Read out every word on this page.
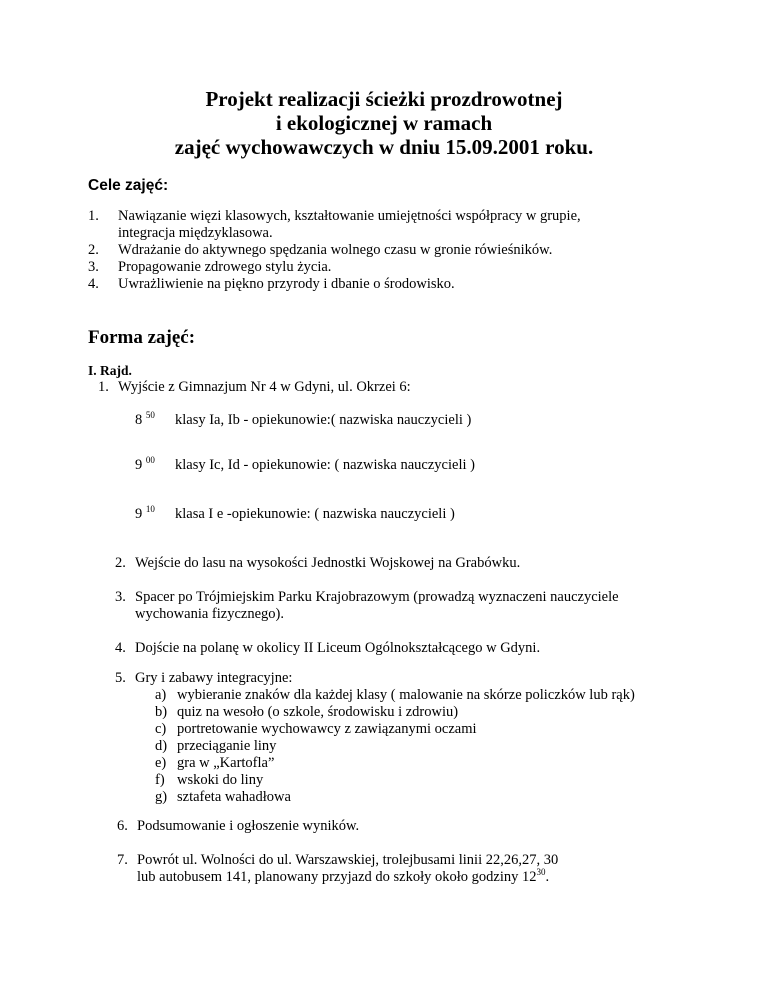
Projekt realizacji ścieżki prozdrowotnej
i ekologicznej w ramach
zajęć wychowawczych w dniu 15.09.2001 roku.
Cele zajęć:
1. Nawiązanie więzi klasowych, kształtowanie umiejętności współpracy w grupie,
integracja międzyklasowa.
2. Wdrażanie do aktywnego spędzania wolnego czasu w gronie rówieśników.
3. Propagowanie zdrowego stylu życia.
4. Uwrażliwienie na piękno przyrody i dbanie o środowisko.
Forma zajęć:
I. Rajd.
1. Wyjście z Gimnazjum Nr 4 w Gdyni, ul. Okrzei 6:
8 $^{50}$ klasy Ia, Ib - opiekunowie:( nazwiska nauczycieli )
9 $^{00}$ klasy Ic, Id - opiekunowie: ( nazwiska nauczycieli )
9 $^{10}$ klasa I e -opiekunowie: ( nazwiska nauczycieli )
2. Wejście do lasu na wysokości Jednostki Wojskowej na Grabówku.
3. Spacer po Trójmiejskim Parku Krajobrazowym (prowadzą wyznaczeni nauczyciele
wychowania fizycznego).
4. Dojście na polanę w okolicy II Liceum Ogólnokształcącego w Gdyni.
5. Gry i zabawy integracyjne:
a) wybieranie znaków dla każdej klasy ( malowanie na skórze policzków lub rąk)
b) quiz na wesoło (o szkole, środowisku i zdrowiu)
c) portretowanie wychowawcy z zawiązanymi oczami
d) przeciąganie liny
e) gra w „Kartofla”
f) wskoki do liny
g) sztafeta wahadłowa
6. Podsumowanie i ogłoszenie wyników.
7. Powrót ul. Wolności do ul. Warszawskiej, trolejbusami linii 22,26,27, 30
lub autobusem 141, planowany przyjazd do szkoły około godziny $12^{30}$.
